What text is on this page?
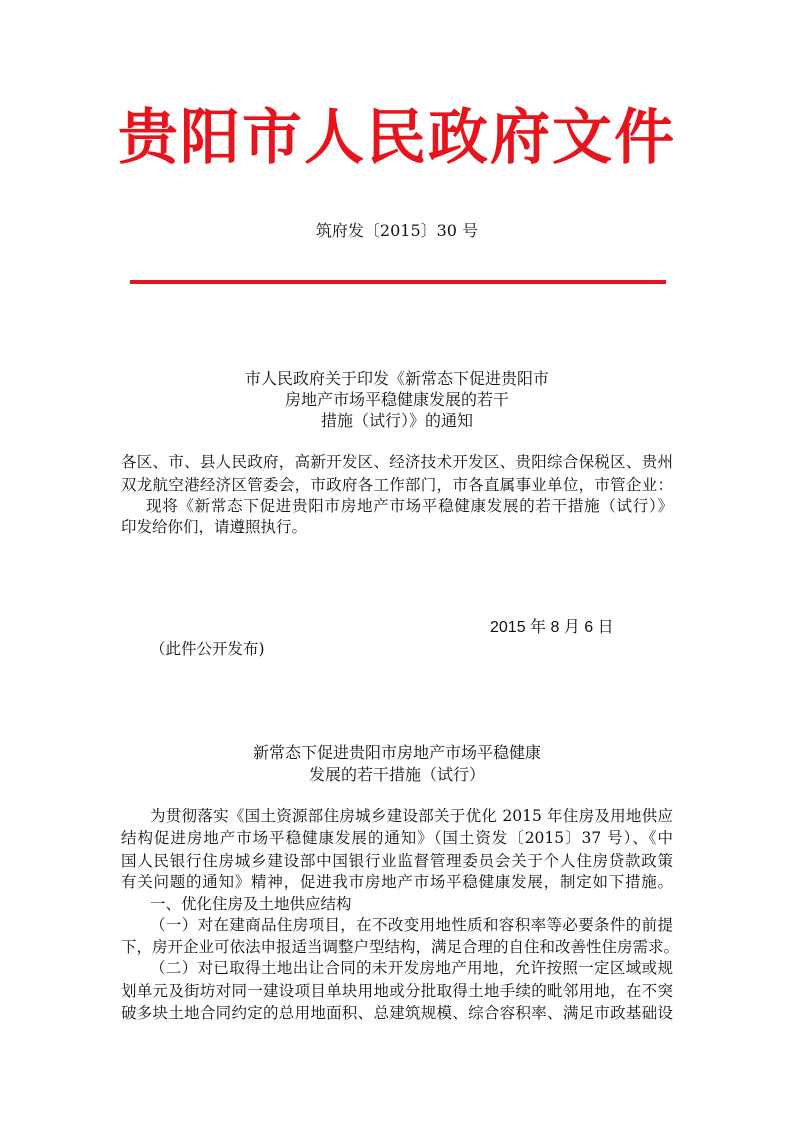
贵阳市人民政府文件

筑府发〔2015〕30 号

市人民政府关于印发《新常态下促进贵阳市

房地产市场平稳健康发展的若干

措施（试行）》的通知

各区、市、县人民政府，高新开发区、经济技术开发区、贵阳综合保税区、贵州

双龙航空港经济区管委会，市政府各工作部门，市各直属事业单位，市管企业：

现将《新常态下促进贵阳市房地产市场平稳健康发展的若干措施（试行）》

印发给你们，请遵照执行。

2015 年 8 月 6 日

（此件公开发布)

新常态下促进贵阳市房地产市场平稳健康

发展的若干措施（试行）

为贯彻落实《国土资源部住房城乡建设部关于优化 2015 年住房及用地供应

结构促进房地产市场平稳健康发展的通知》（国土资发〔2015〕37 号）、《中

国人民银行住房城乡建设部中国银行业监督管理委员会关于个人住房贷款政策

有关问题的通知》精神，促进我市房地产市场平稳健康发展，制定如下措施。

一、优化住房及土地供应结构

（一）对在建商品住房项目，在不改变用地性质和容积率等必要条件的前提

下，房开企业可依法申报适当调整户型结构，满足合理的自住和改善性住房需求。

（二）对已取得土地出让合同的未开发房地产用地，允许按照一定区域或规

划单元及街坊对同一建设项目单块用地或分批取得土地手续的毗邻用地，在不突

破多块土地合同约定的总用地面积、总建筑规模、综合容积率、满足市政基础设
